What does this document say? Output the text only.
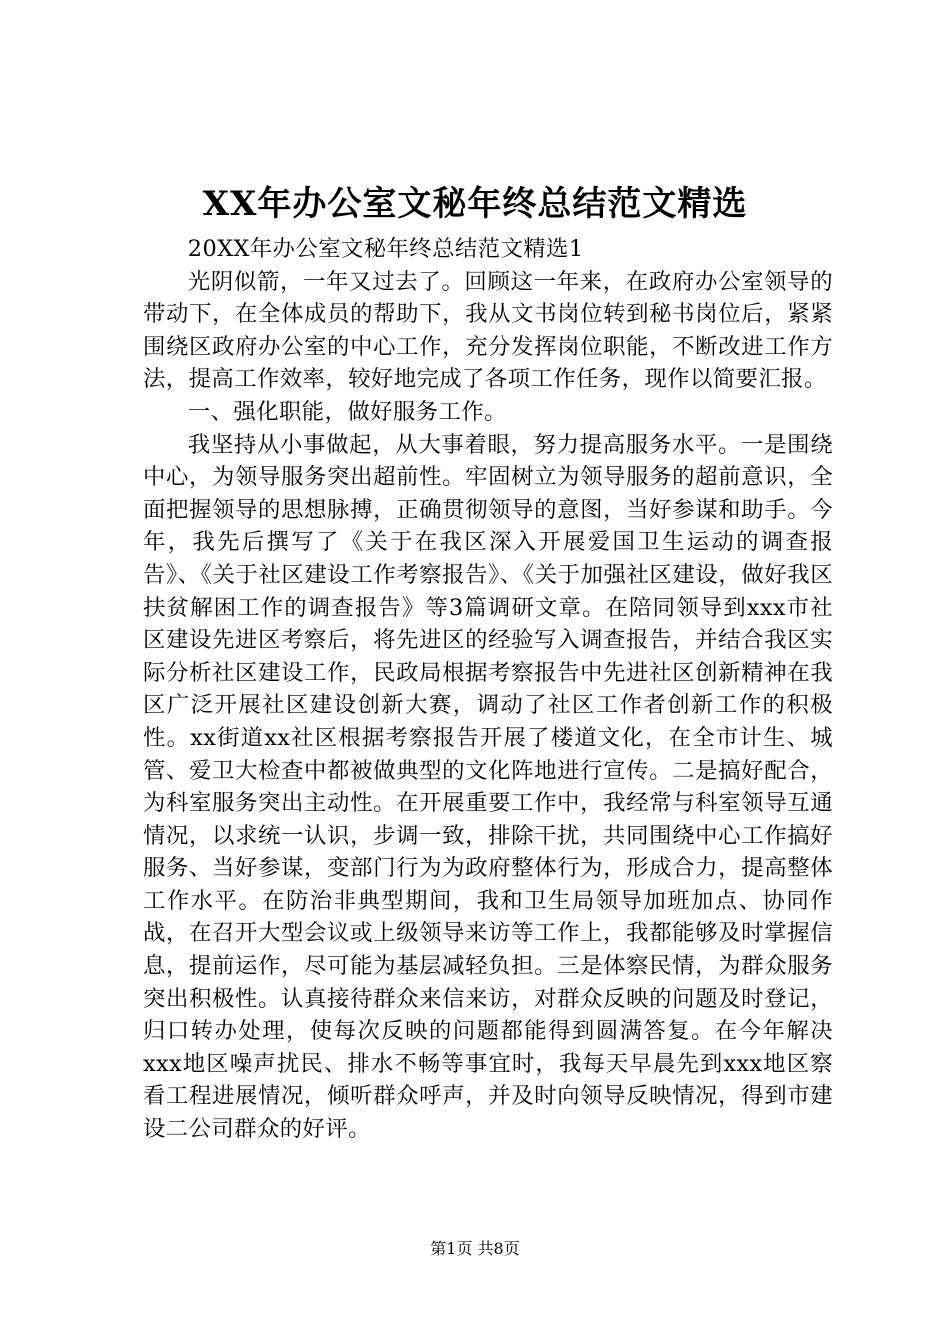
XX年办公室文秘年终总结范文精选

20XX年办公室文秘年终总结范文精选1

光阴似箭，一年又过去了。回顾这一年来，在政府办公室领导的带动下，在全体成员的帮助下，我从文书岗位转到秘书岗位后，紧紧围绕区政府办公室的中心工作，充分发挥岗位职能，不断改进工作方法，提高工作效率，较好地完成了各项工作任务，现作以简要汇报。

一、强化职能，做好服务工作。

我坚持从小事做起，从大事着眼，努力提高服务水平。一是围绕中心，为领导服务突出超前性。牢固树立为领导服务的超前意识，全面把握领导的思想脉搏，正确贯彻领导的意图，当好参谋和助手。今年，我先后撰写了《关于在我区深入开展爱国卫生运动的调查报告》、《关于社区建设工作考察报告》、《关于加强社区建设，做好我区扶贫解困工作的调查报告》等3篇调研文章。在陪同领导到xxx市社区建设先进区考察后，将先进区的经验写入调查报告，并结合我区实际分析社区建设工作，民政局根据考察报告中先进社区创新精神在我区广泛开展社区建设创新大赛，调动了社区工作者创新工作的积极性。xx街道xx社区根据考察报告开展了楼道文化，在全市计生、城管、爱卫大检查中都被做典型的文化阵地进行宣传。二是搞好配合，为科室服务突出主动性。在开展重要工作中，我经常与科室领导互通情况，以求统一认识，步调一致，排除干扰，共同围绕中心工作搞好服务、当好参谋，变部门行为为政府整体行为，形成合力，提高整体工作水平。在防治非典型期间，我和卫生局领导加班加点、协同作战，在召开大型会议或上级领导来访等工作上，我都能够及时掌握信息，提前运作，尽可能为基层减轻负担。三是体察民情，为群众服务突出积极性。认真接待群众来信来访，对群众反映的问题及时登记，归口转办处理，使每次反映的问题都能得到圆满答复。在今年解决xxx地区噪声扰民、排水不畅等事宜时，我每天早晨先到xxx地区察看工程进展情况，倾听群众呼声，并及时向领导反映情况，得到市建设二公司群众的好评。

第1页 共8页
